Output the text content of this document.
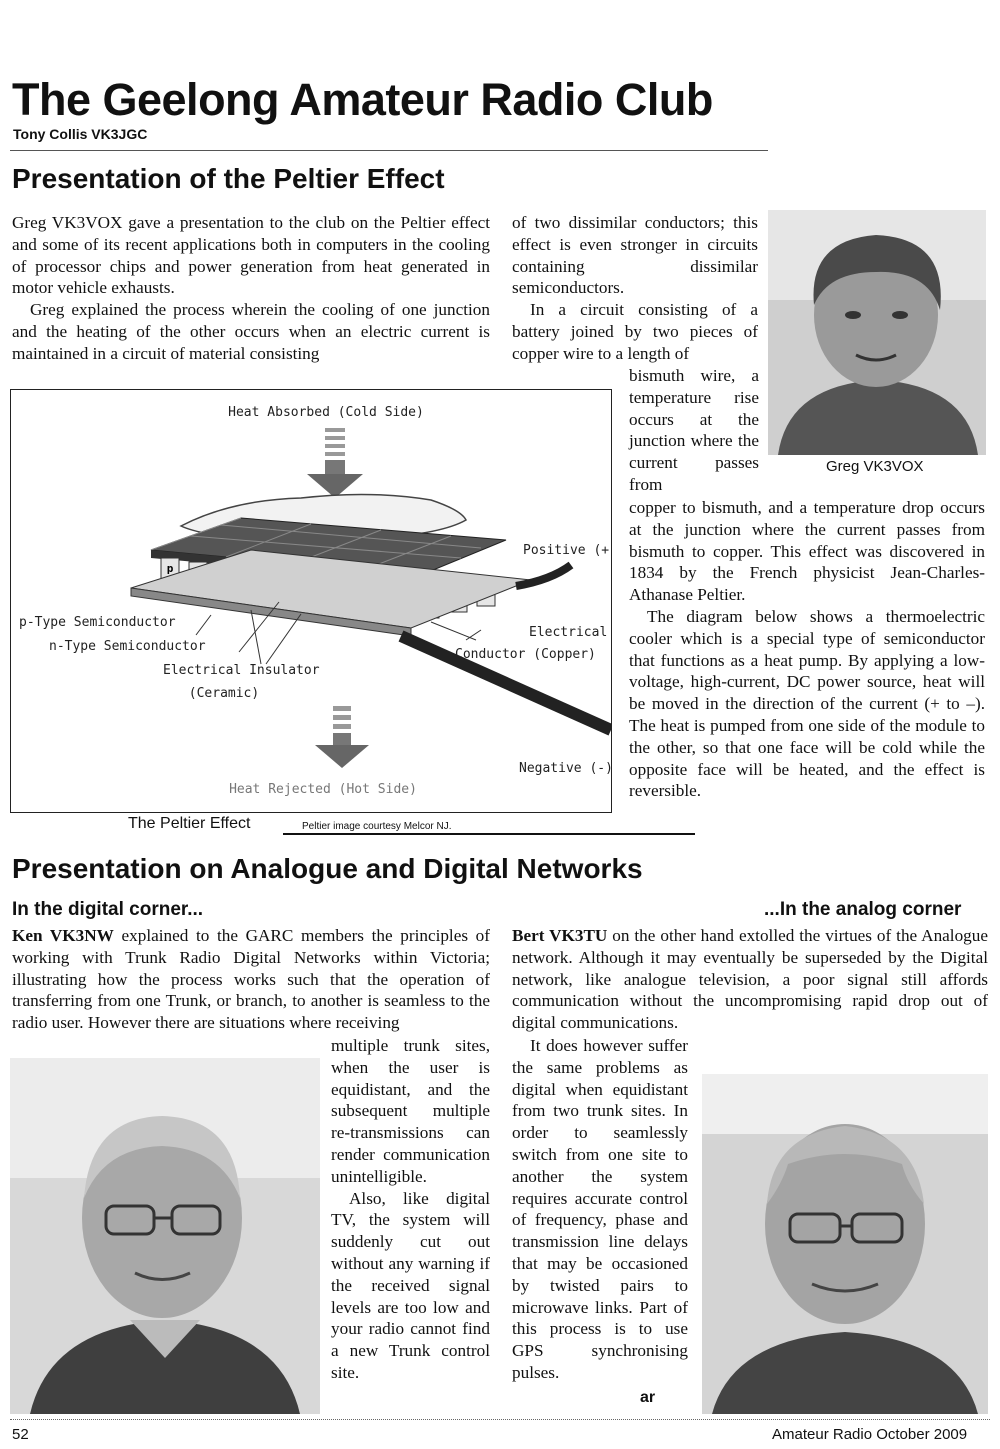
The Geelong Amateur Radio Club
Tony Collis VK3JGC
Presentation of the Peltier Effect

Greg VK3VOX gave a presentation to the club on the Peltier effect and some of its recent applications both in computers in the cooling of processor chips and power generation from heat generated in motor vehicle exhausts.

Greg explained the process wherein the cooling of one junction and the heating of the other occurs when an electric current is maintained in a circuit of material consisting

of two dissimilar conductors; this effect is even stronger in circuits containing dissimilar semiconductors.

In a circuit consisting of a battery joined by two pieces of copper wire to a length of

Greg VK3VOX

bismuth wire, a temperature rise occurs at the junction where the current passes from

copper to bismuth, and a temperature drop occurs at the junction where the current passes from bismuth to copper. This effect was discovered in 1834 by the French physicist Jean-Charles-Athanase Peltier.

The diagram below shows a thermoelectric cooler which is a special type of semiconductor that functions as a heat pump. By applying a low-voltage, high-current, DC power source, heat will be moved in the direction of the current (+ to –). The heat is pumped from one side of the module to the other, so that one face will be cold while the opposite face will be heated, and the effect is reversible.

p
Heat Absorbed (Cold Side)
Positive (+)
p-Type Semiconductor
n-Type Semiconductor
Electrical Insulator
(Ceramic)
Electrical
Conductor (Copper)
Negative (-)
Heat Rejected (Hot Side)
The Peltier Effect	Peltier image courtesy Melcor NJ.
Presentation on Analogue and Digital Networks
In the digital corner...	...In the analog corner

Ken VK3NW explained to the GARC members the principles of working with Trunk Radio Digital Networks within Victoria; illustrating how the process works such that the operation of transferring from one Trunk, or branch, to another is seamless to the radio user. However there are situations where receiving

multiple trunk sites, when the user is equidistant, and the subsequent multiple re-transmissions can render communication unintelligible.

Also, like digital TV, the system will suddenly cut out without any warning if the received signal levels are too low and your radio cannot find a new Trunk control site.

Bert VK3TU on the other hand extolled the virtues of the Analogue network. Although it may eventually be superseded by the Digital network, like analogue television, a poor signal still affords communication without the uncompromising rapid drop out of digital communications.

It does however suffer the same problems as digital when equidistant from two trunk sites. In order to seamlessly switch from one site to another the system requires accurate control of frequency, phase and transmission line delays that may be occasioned by twisted pairs to microwave links. Part of this process is to use GPS synchronising pulses.

ar
52	Amateur Radio October 2009
